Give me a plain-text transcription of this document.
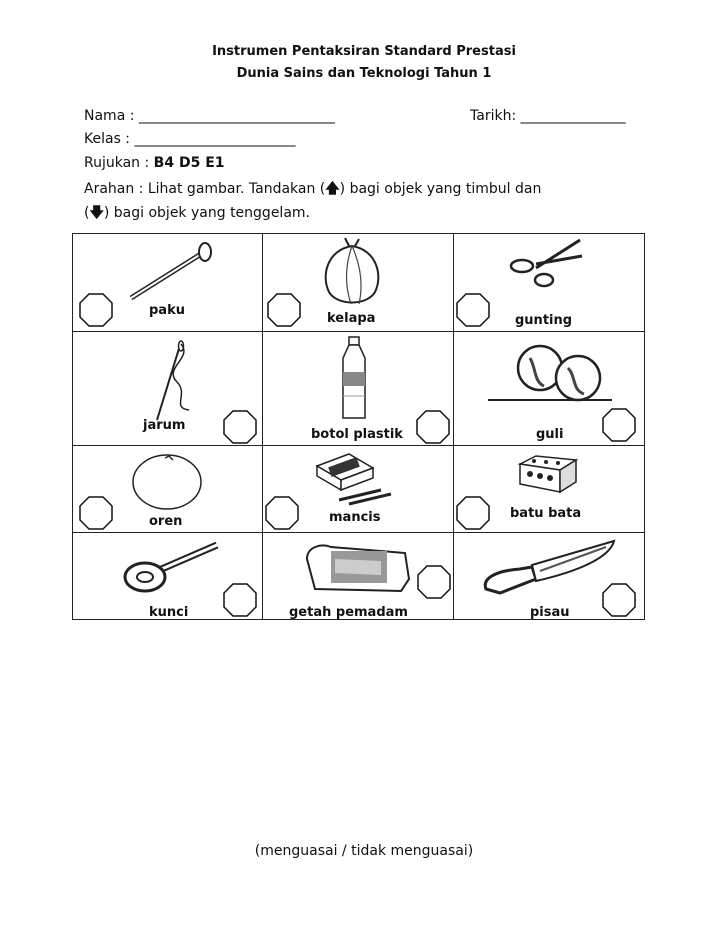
Instrumen Pentaksiran Standard Prestasi
Dunia Sains dan Teknologi Tahun 1
Nama : ____________________________	Tarikh: _______________
Kelas : _______________________
Rujukan : B4 D5 E1
Arahan : Lihat gambar. Tandakan (🡅) bagi objek yang timbul dan
(🡇) bagi objek yang tenggelam.
paku	kelapa	gunting

jarum	botol plastik	guli

oren	mancis	batu bata

kunci	getah pemadam	pisau
(menguasai / tidak menguasai)
